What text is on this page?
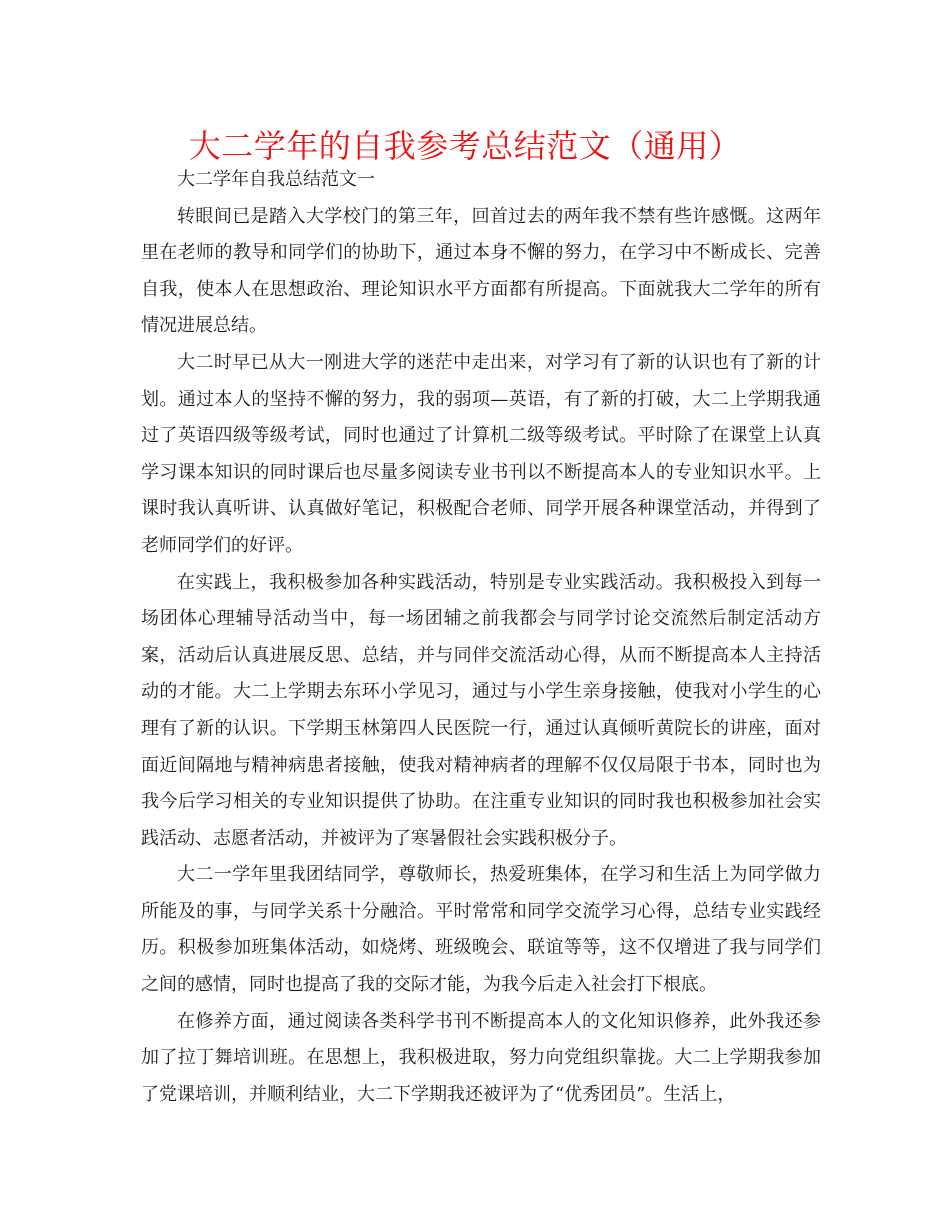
大二学年的自我参考总结范文（通用）

大二学年自我总结范文一

转眼间已是踏入大学校门的第三年，回首过去的两年我不禁有些许感慨。这两年里在老师的教导和同学们的协助下，通过本身不懈的努力，在学习中不断成长、完善自我，使本人在思想政治、理论知识水平方面都有所提高。下面就我大二学年的所有情况进展总结。

大二时早已从大一刚进大学的迷茫中走出来，对学习有了新的认识也有了新的计划。通过本人的坚持不懈的努力，我的弱项—英语，有了新的打破，大二上学期我通过了英语四级等级考试，同时也通过了计算机二级等级考试。平时除了在课堂上认真学习课本知识的同时课后也尽量多阅读专业书刊以不断提高本人的专业知识水平。上课时我认真听讲、认真做好笔记，积极配合老师、同学开展各种课堂活动，并得到了老师同学们的好评。

在实践上，我积极参加各种实践活动，特别是专业实践活动。我积极投入到每一场团体心理辅导活动当中，每一场团辅之前我都会与同学讨论交流然后制定活动方案，活动后认真进展反思、总结，并与同伴交流活动心得，从而不断提高本人主持活动的才能。大二上学期去东环小学见习，通过与小学生亲身接触，使我对小学生的心理有了新的认识。下学期玉林第四人民医院一行，通过认真倾听黄院长的讲座，面对面近间隔地与精神病患者接触，使我对精神病者的理解不仅仅局限于书本，同时也为我今后学习相关的专业知识提供了协助。在注重专业知识的同时我也积极参加社会实践活动、志愿者活动，并被评为了寒暑假社会实践积极分子。

大二一学年里我团结同学，尊敬师长，热爱班集体，在学习和生活上为同学做力所能及的事，与同学关系十分融洽。平时常常和同学交流学习心得，总结专业实践经历。积极参加班集体活动，如烧烤、班级晚会、联谊等等，这不仅增进了我与同学们之间的感情，同时也提高了我的交际才能，为我今后走入社会打下根底。

在修养方面，通过阅读各类科学书刊不断提高本人的文化知识修养，此外我还参加了拉丁舞培训班。在思想上，我积极进取，努力向党组织靠拢。大二上学期我参加了党课培训，并顺利结业，大二下学期我还被评为了“优秀团员”。生活上，
